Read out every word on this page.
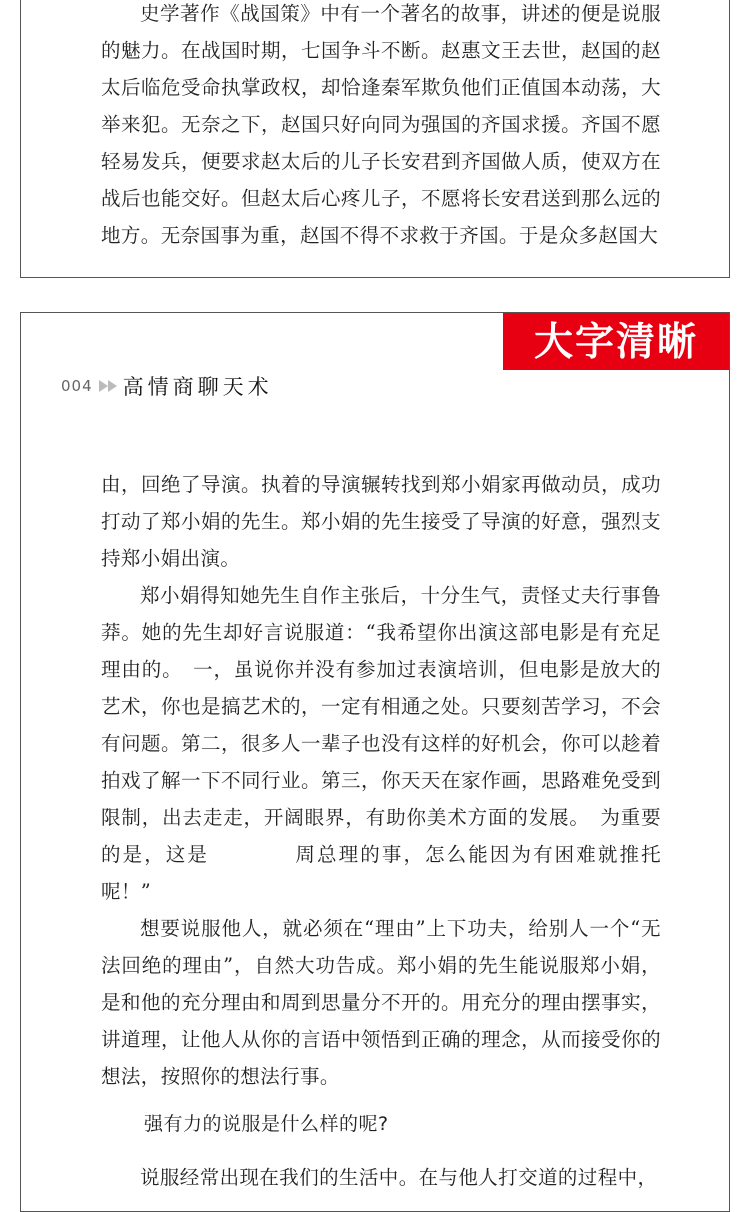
史学著作《战国策》中有一个著名的故事，讲述的便是说服的魅力。在战国时期，七国争斗不断。赵惠文王去世，赵国的赵太后临危受命执掌政权，却恰逢秦军欺负他们正值国本动荡，大举来犯。无奈之下，赵国只好向同为强国的齐国求援。齐国不愿轻易发兵，便要求赵太后的儿子长安君到齐国做人质，使双方在战后也能交好。但赵太后心疼儿子，不愿将长安君送到那么远的地方。无奈国事为重，赵国不得不求救于齐国。于是众多赵国大

大字清晰
004 高情商聊天术

由，回绝了导演。执着的导演辗转找到郑小娟家再做动员，成功打动了郑小娟的先生。郑小娟的先生接受了导演的好意，强烈支持郑小娟出演。

郑小娟得知她先生自作主张后，十分生气，责怪丈夫行事鲁莽。她的先生却好言说服道：“我希望你出演这部电影是有充足理由的。　一，虽说你并没有参加过表演培训，但电影是放大的艺术，你也是搞艺术的，一定有相通之处。只要刻苦学习，不会有问题。第二，很多人一辈子也没有这样的好机会，你可以趁着拍戏了解一下不同行业。第三，你天天在家作画，思路难免受到限制，出去走走，开阔眼界，有助你美术方面的发展。　为重要的是，这是　　　　周总理的事，怎么能因为有困难就推托呢！”

想要说服他人，就必须在“理由”上下功夫，给别人一个“无法回绝的理由”，自然大功告成。郑小娟的先生能说服郑小娟，是和他的充分理由和周到思量分不开的。用充分的理由摆事实，讲道理，让他人从你的言语中领悟到正确的理念，从而接受你的想法，按照你的想法行事。

强有力的说服是什么样的呢?

说服经常出现在我们的生活中。在与他人打交道的过程中，
